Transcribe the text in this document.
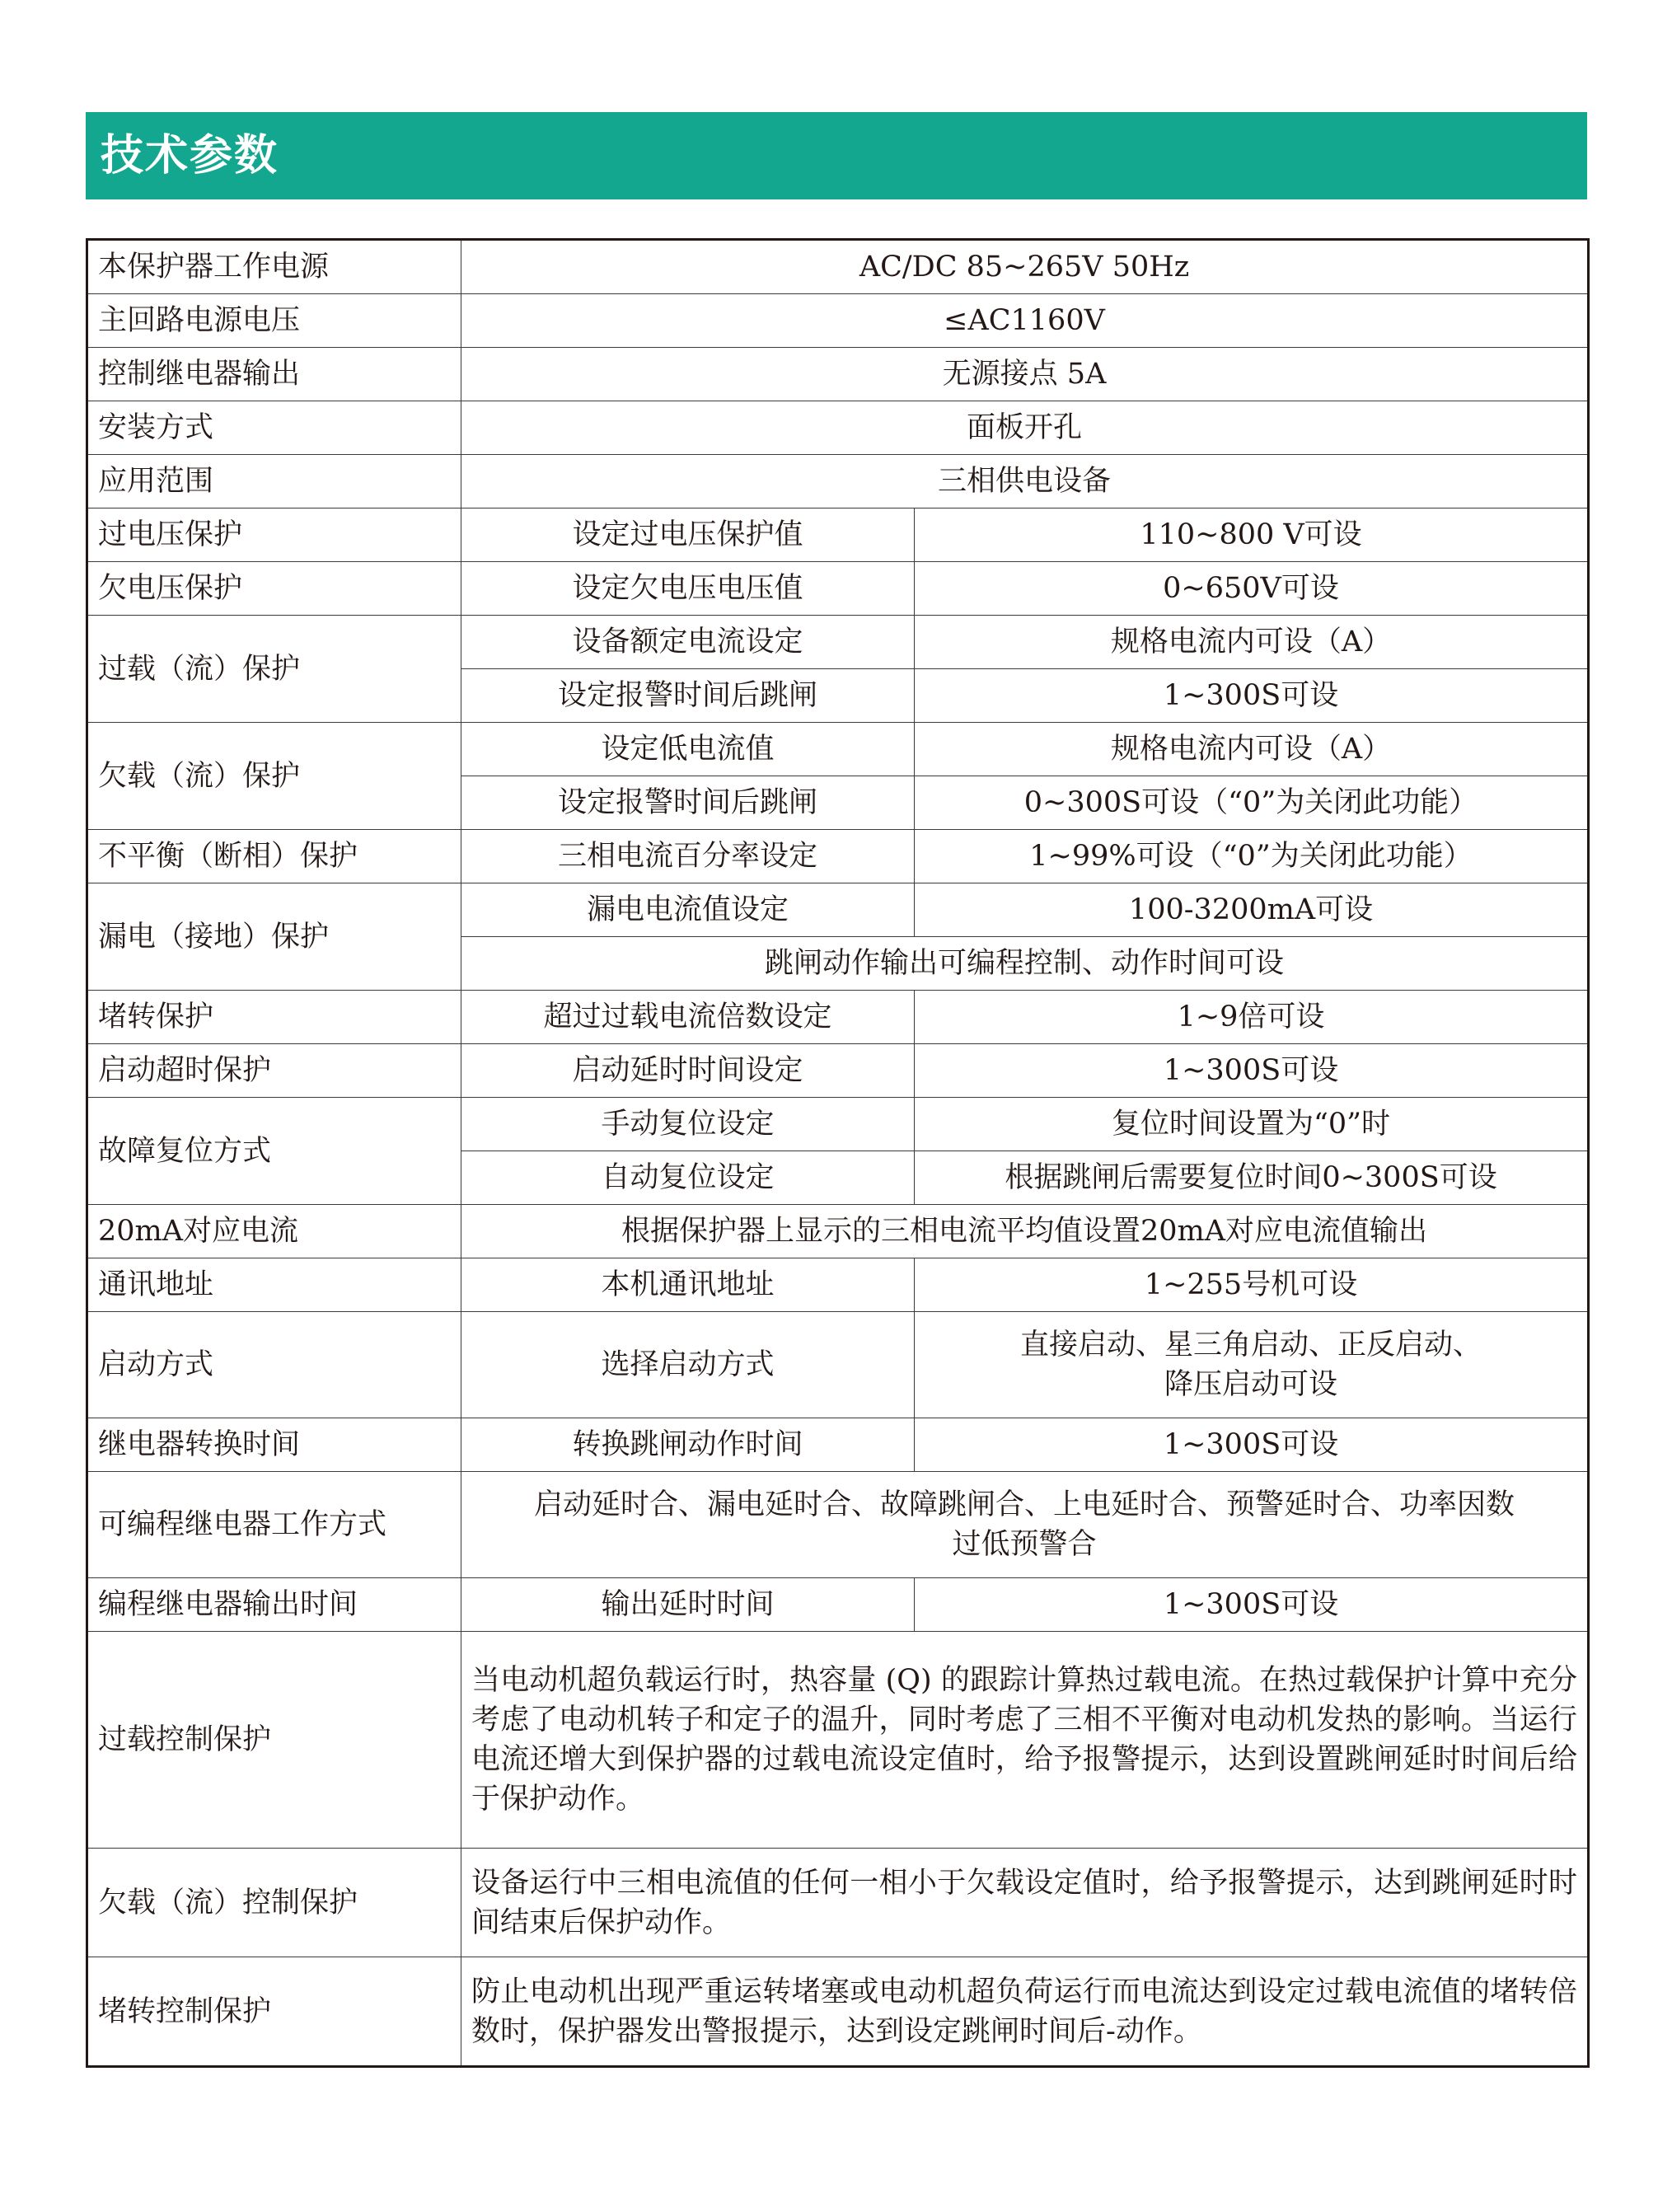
技术参数
本保护器工作电源	AC/DC 85~265V 50Hz	
主回路电源电压	≤AC1160V	
控制继电器输出	无源接点 5A	
安装方式	面板开孔	
应用范围	三相供电设备	
过电压保护	设定过电压保护值	110~800 V可设
欠电压保护	设定欠电压电压值	0~650V可设
过载（流）保护	设备额定电流设定	规格电流内可设（A）
	设定报警时间后跳闸	1~300S可设
欠载（流）保护	设定低电流值	规格电流内可设（A）
	设定报警时间后跳闸	0~300S可设（“0”为关闭此功能）
不平衡（断相）保护	三相电流百分率设定	1~99%可设（“0”为关闭此功能）
漏电（接地）保护	漏电电流值设定	100-3200mA可设
	跳闸动作输出可编程控制、动作时间可设	
堵转保护	超过过载电流倍数设定	1~9倍可设
启动超时保护	启动延时时间设定	1~300S可设
故障复位方式	手动复位设定	复位时间设置为“0”时
	自动复位设定	根据跳闸后需要复位时间0~300S可设
20mA对应电流	根据保护器上显示的三相电流平均值设置20mA对应电流值输出	
通讯地址	本机通讯地址	1~255号机可设
启动方式	选择启动方式	直接启动、星三角启动、正反启动、
降压启动可设

继电器转换时间	转换跳闸动作时间	1~300S可设
可编程继电器工作方式	启动延时合、漏电延时合、故障跳闸合、上电延时合、预警延时合、功率因数
过低预警合	

编程继电器输出时间	输出延时时间	1~300S可设
过载控制保护	当电动机超负载运行时，热容量 (Q) 的跟踪计算热过载电流。在热过载保护计算中充分考虑了电动机转子和定子的温升，同时考虑了三相不平衡对电动机发热的影响。当运行电流还增大到保护器的过载电流设定值时，给予报警提示，达到设置跳闸延时时间后给于保护动作。	
欠载（流）控制保护	设备运行中三相电流值的任何一相小于欠载设定值时，给予报警提示，达到跳闸延时时间结束后保护动作。	
堵转控制保护	防止电动机出现严重运转堵塞或电动机超负荷运行而电流达到设定过载电流值的堵转倍数时，保护器发出警报提示，达到设定跳闸时间后-动作。	
